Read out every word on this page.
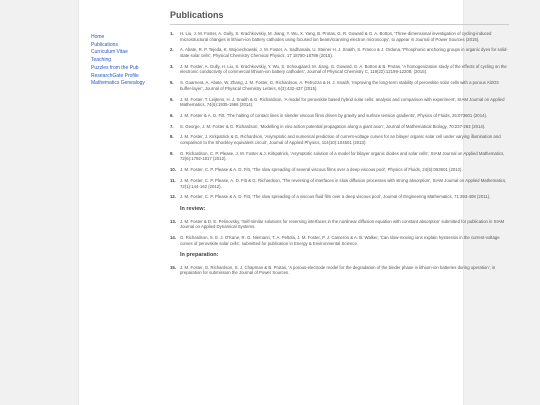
Home
Publications
Curriculum Vitae
Teaching
Puzzles from the Pub
ResearchGate Profile
Mathematics Genealogy
Publications
1. H. Liu, J. M. Foster, A. Gully, S. Krachkovskiy, M. Jiang, Y. Wu, X. Yang, B. Protas, G. R. Goward & G. A. Botton, 'Three-dimensional investigation of cycling-induced microstructural changes in lithium-ion battery cathodes using focused ion beam/scanning electron microscopy', to appear in Journal of Power Sources (2015).
2. A. Abate, R. P. Tejeda, K. Wojciechowski, J. M. Foster, A. Sadhanala, U. Steiner H. J. Snaith, S. Franco & J. Orduna, 'Phosphonic anchoring groups in organic dyes for solid-state solar cells', Physical Chemistry Chemical Physics, 17 18780-18789 (2015).
3. J. M. Foster, A. Gully, H. Liu, S. Krachkovskiy, Y. Wu, S. Schougaard, M. Jiang, G. Goward, G. A. Botton & B. Protas, 'A homogenization study of the effects of cycling on the electronic conductivity of commercial lithium-ion battery cathodes', Journal of Physical Chemistry C, 119(22):12199-12208, (2015).
5. S. Guarnera, A. Abate, W. Zhang, J. M. Foster, G. Richardson, A. Petrozza & H. J. Snaith, 'Improving the long-term stability of perovskite solar cells with a porous Al2O3 buffer-layer', Journal of Physical Chemistry Letters, 6(3):432-437 (2015).
5. J. M. Foster, T. Leijtens, H. J. Snaith & G. Richardson, 'A model for perovskite based hybrid solar cells: analysis and comparison with experiment', SIAM Journal on Applied Mathematics, 74(6):1935-1966 (2014).
6. J. M. Foster & A. D. Fitt, 'The halting of contact lines in slender viscous films driven by gravity and surface tension gradients', Physics of Fluids, 26:073601 (2014).
7. S. George, J. M. Foster & G. Richardson, 'Modelling in vivo action potential propagation along a giant axon', Journal of Mathematical Biology, 70:237-263 (2014).
8. J. M. Foster, J. Kirkpatrick & G. Richardson, 'Asymptotic and numerical prediction of current-voltage curves for an bilayer organic solar cell under varying illumination and comparison to the Shockley equivalent circuit', Journal of Applied Physics, 114(10):104501 (2013).
9. G. Richardson, C. P. Please, J. M. Foster & J. Kirkpatrick, 'Asymptotic solution of a model for bilayer organic diodes and solar cells', SIAM Journal on Applied Mathematics, 72(6):1792-1817 (2012).
10. J. M. Foster, C. P. Please & A. D. Fitt, 'The slow spreading of several viscous films over a deep viscous pool', Physics of Fluids, 24(6):063601 (2012).
11. J. M. Foster, C. P. Please, A. D. Fitt & G. Richardson, 'The reversing of interfaces in slow diffusion processes with strong absorption', SIAM Journal on Applied Mathematics, 72(1):144-162 (2012).
12. J. M. Foster, C. P. Please & A. D. Fitt, 'The slow spreading of a viscous fluid film over a deep viscous pool', Journal of Engineering Mathematics, 71:393-408 (2011).
In review:
13. J. M. Foster & D. E. Pelinovsky, 'Self-similar solutions for reversing interfaces in the nonlinear diffusion equation with constant absorption' submitted for publication in SIAM Journal on Applied Dynamical Systems.
14. G. Richardson, S. E. J. O'Kane, R. G. Niemann, T. A. Peltola, J. M. Foster, P. J. Cameron & A. B. Walker, 'Can slow-moving ions explain hysteresis in the current-voltage curves of perovskite solar cells', submitted for publication in Energy & Environmental Science.
In preparation:
15. J. M. Foster, G. Richardson, S. J. Chapman & B. Protas, 'A porous-electrode model for the degradation of the binder phase in lithium-ion batteries during operation', in preparation for submission the Journal of Power Sources.
